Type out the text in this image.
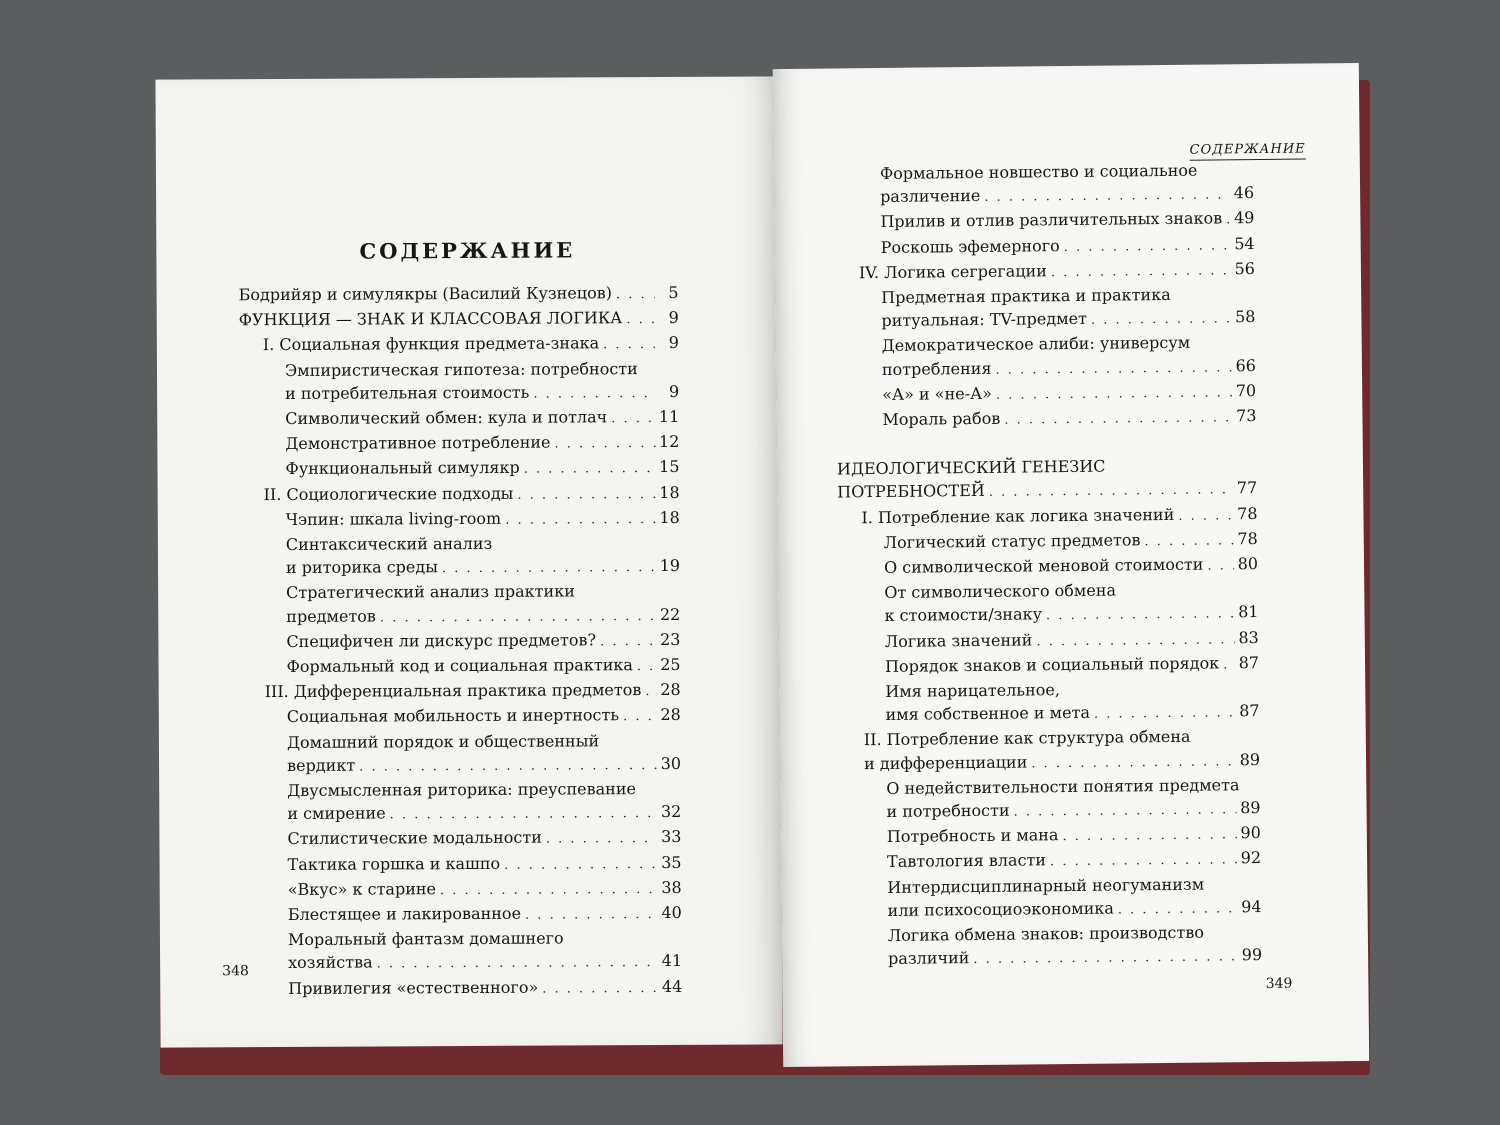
СОДЕРЖАНИЕ
Бодрийяр и симулякры (Василий Кузнецов) . . .	5
ФУНКЦИЯ — ЗНАК И КЛАССОВАЯ ЛОГИКА . . .	9
I. Социальная функция предмета-знака . . .	9
Эмпиристическая гипотеза: потребности
и потребительная стоимость . . .	9
Символический обмен: кула и потлач . . .	11
Демонстративное потребление . . .	12
Функциональный симулякр . . .	15
II. Социологические подходы . . .	18
Чэпин: шкала living-room . . .	18
Синтаксический анализ
и риторика среды . . .	19
Стратегический анализ практики
предметов . . .	22
Специфичен ли дискурс предметов? . . .	23
Формальный код и социальная практика . . . 25
III. Дифференциальная практика предметов . . . 28
Социальная мобильность и инертность . . .	28
Домашний порядок и общественный
вердикт . . .	30
Двусмысленная риторика: преуспевание
и смирение . . .	32
Стилистические модальности . . .	33
Тактика горшка и кашпо . . .	35
«Вкус» к старине . . .	38
Блестящее и лакированное . . .	40
Моральный фантазм домашнего
хозяйства . . .	41
Привилегия «естественного» . . .	44
348
СОДЕРЖАНИЕ
Формальное новшество и социальное
различение . . .	46
Прилив и отлив различительных знаков . . . 49
Роскошь эфемерного . . .	54
IV. Логика сегрегации . . .	56
Предметная практика и практика
ритуальная: TV-предмет . . .	58
Демократическое алиби: универсум
потребления . . .	66
«А» и «не-А» . . .	70
Мораль рабов . . .	73
ИДЕОЛОГИЧЕСКИЙ ГЕНЕЗИС
ПОТРЕБНОСТЕЙ . . .	77
I. Потребление как логика значений . . .	78
Логический статус предметов . . .	78
О символической меновой стоимости . . . 80
От символического обмена
к стоимости/знаку . . .	81
Логика значений . . .	83
Порядок знаков и социальный порядок . . . 87
Имя нарицательное,
имя собственное и мета . . .	87
II. Потребление как структура обмена
и дифференциации . . .	89
О недействительности понятия предмета
и потребности . . .	89
Потребность и мана . . .	90
Тавтология власти . . .	92
Интердисциплинарный неогуманизм
или психосоциоэкономика . . .	94
Логика обмена знаков: производство
различий . . .	99
349
